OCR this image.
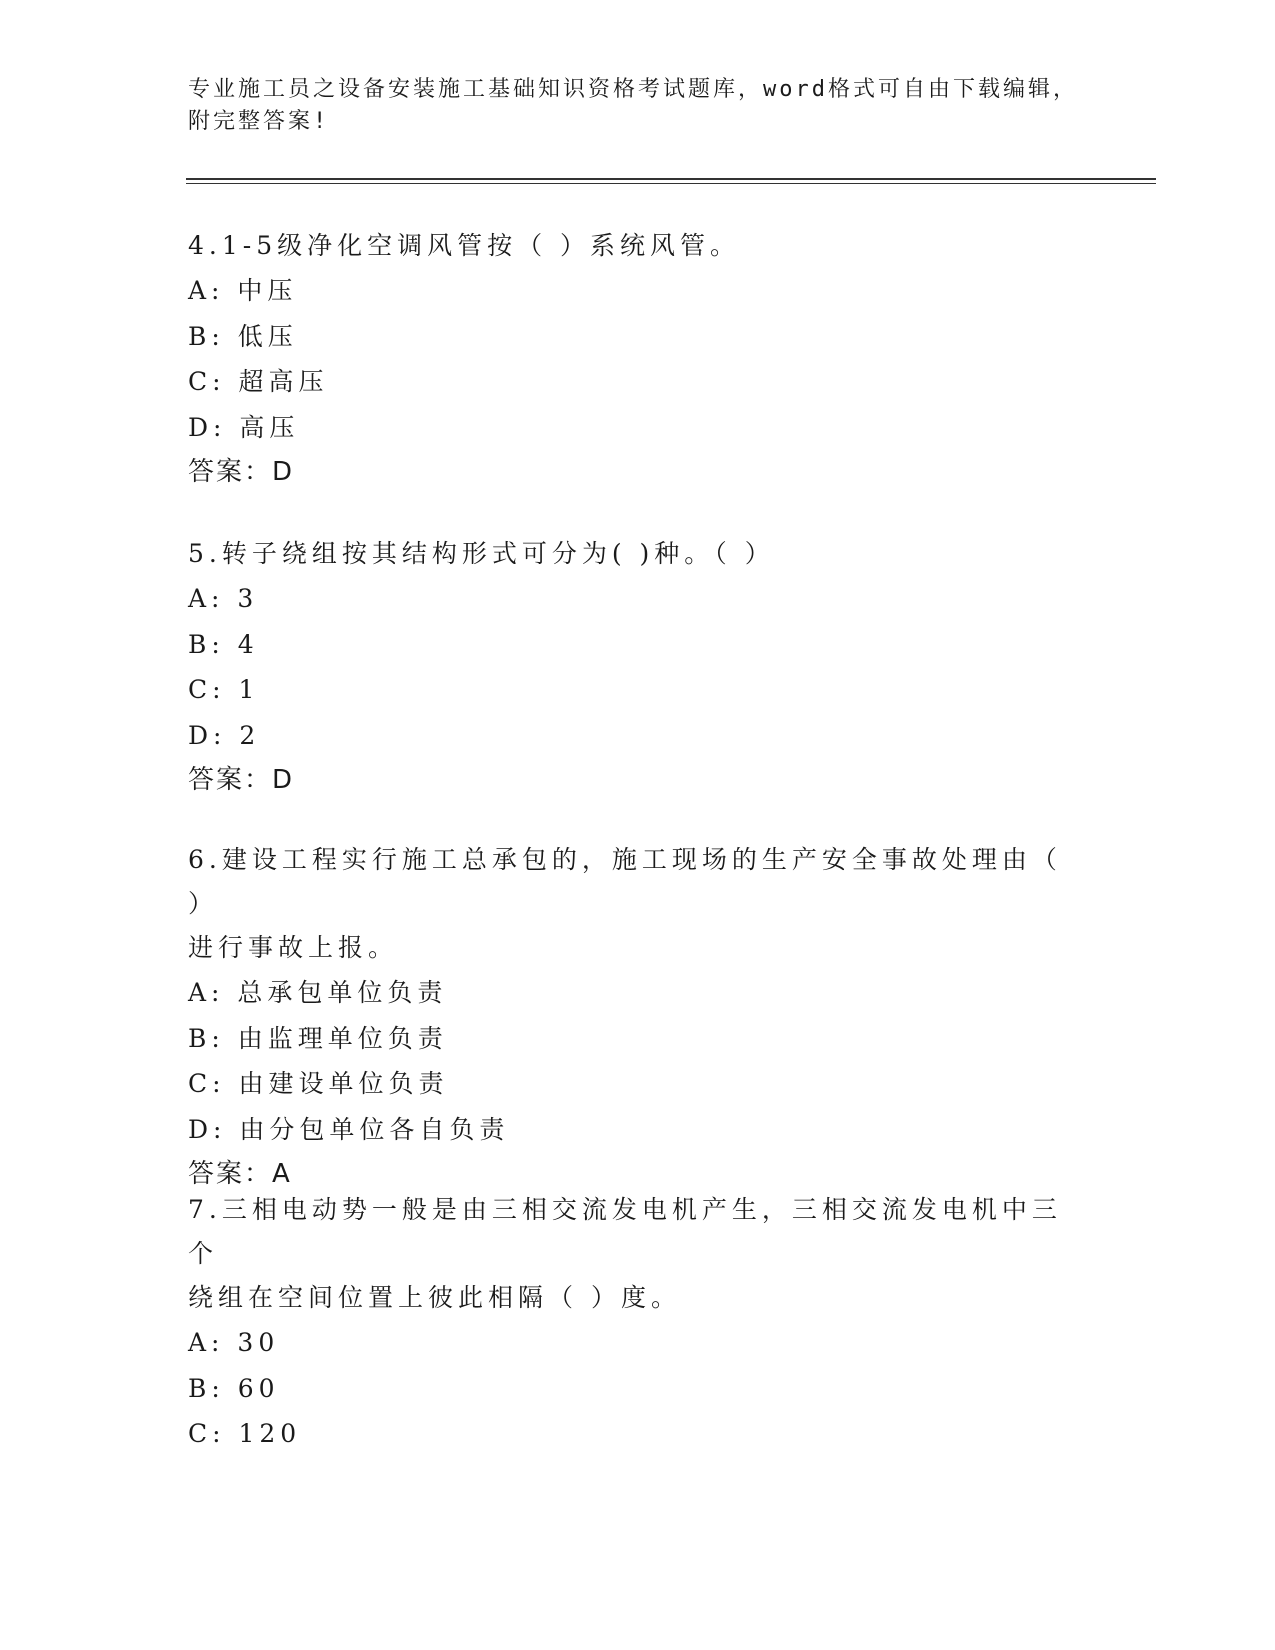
专业施工员之设备安装施工基础知识资格考试题库，word格式可自由下载编辑，
附完整答案!
4.1-5级净化空调风管按（ ）系统风管。
A: 中压
B: 低压
C: 超高压
D: 高压
答案：D
5.转子绕组按其结构形式可分为( )种。（ ）
A: 3
B: 4
C: 1
D: 2
答案：D
6.建设工程实行施工总承包的，施工现场的生产安全事故处理由（ ）
进行事故上报。
A: 总承包单位负责
B: 由监理单位负责
C: 由建设单位负责
D: 由分包单位各自负责
答案：A
7.三相电动势一般是由三相交流发电机产生，三相交流发电机中三个
绕组在空间位置上彼此相隔（ ）度。
A: 30
B: 60
C: 120
